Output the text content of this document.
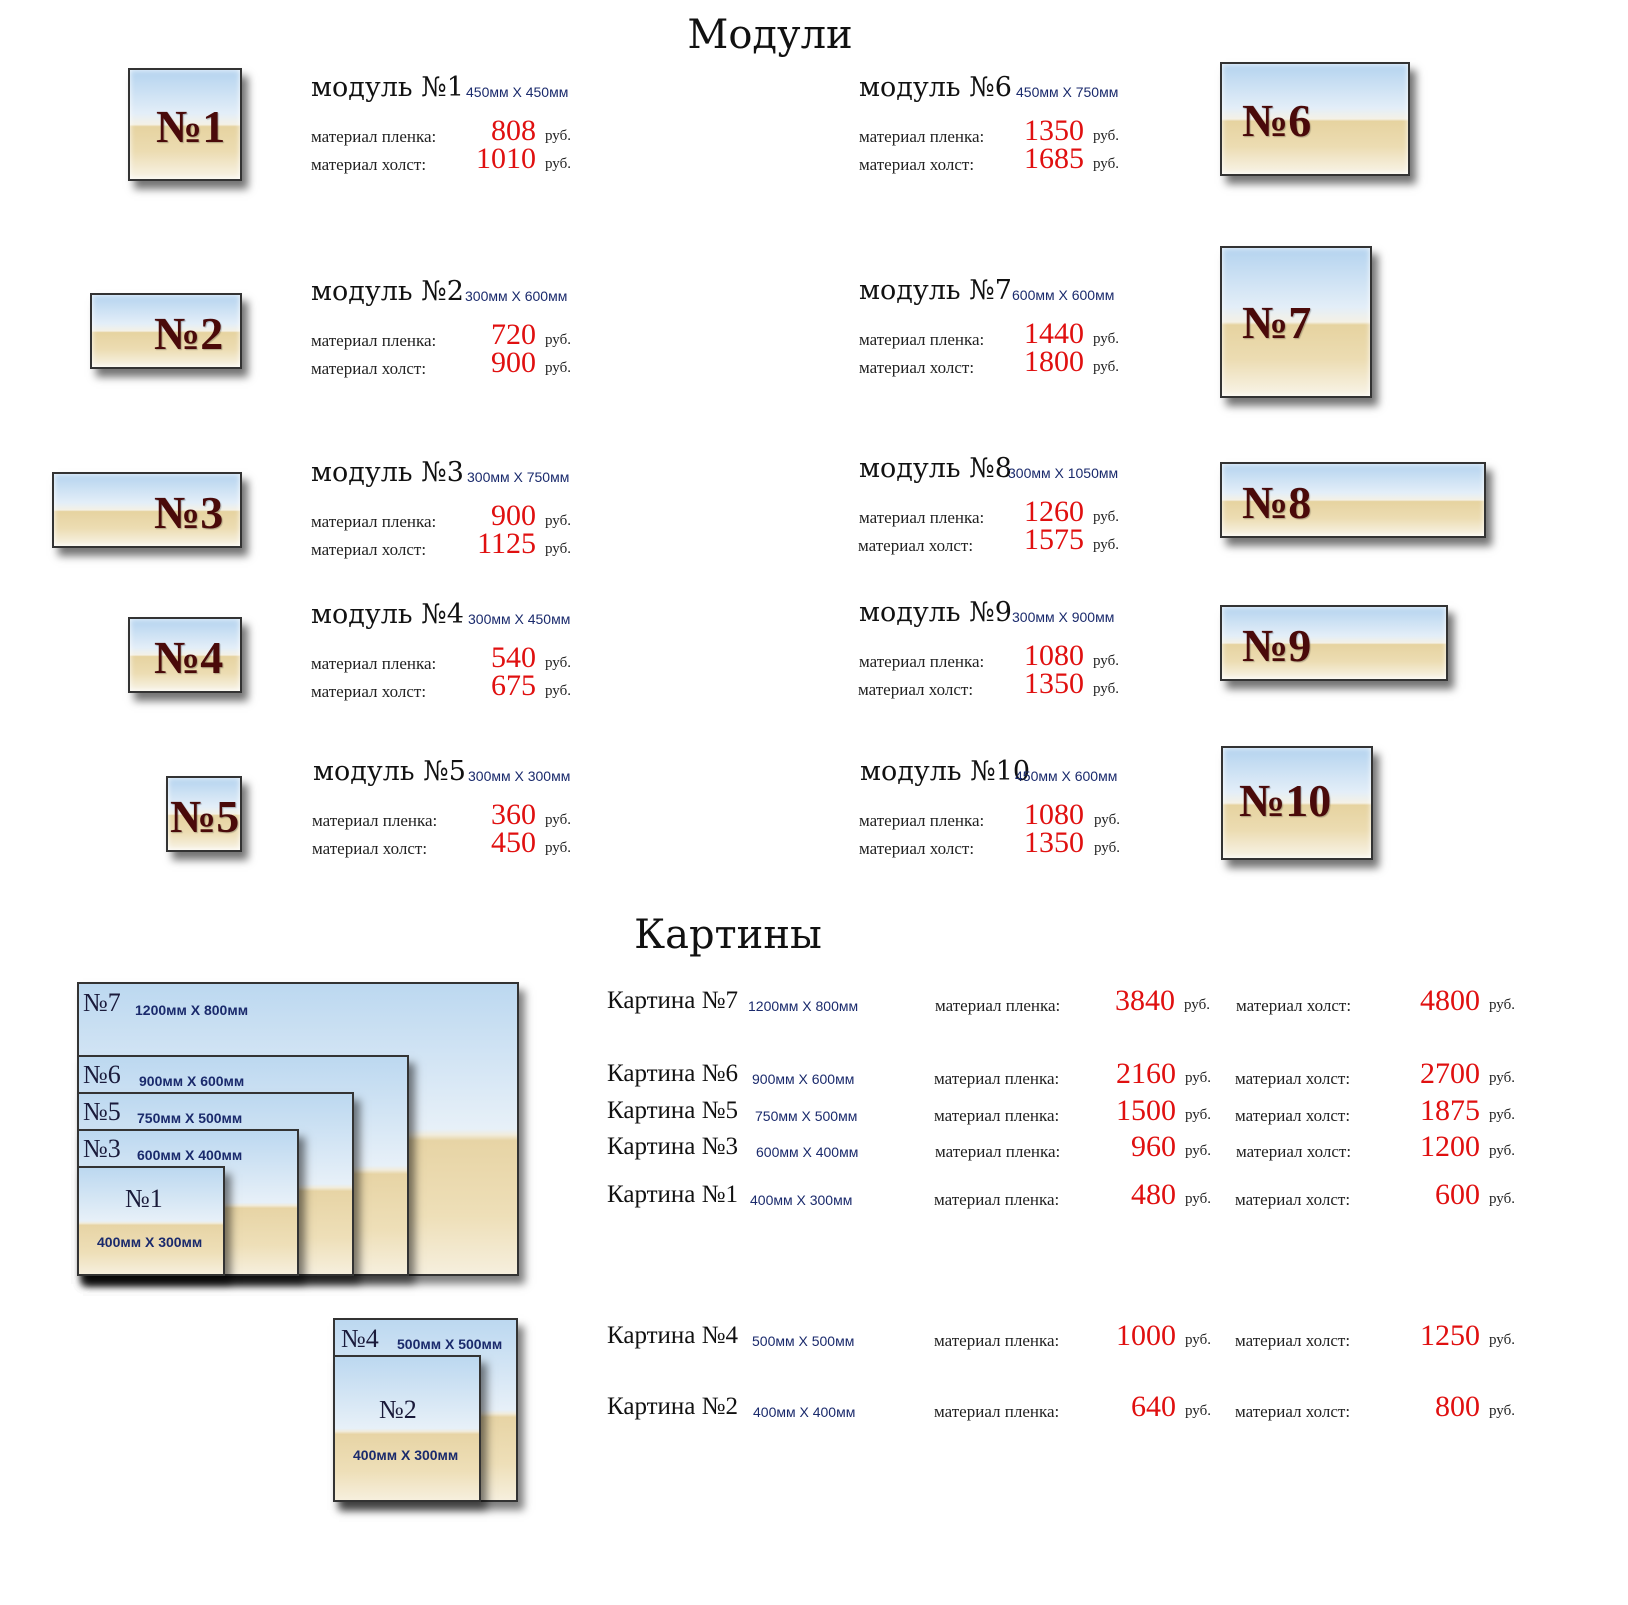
Модули
Картины
№1
№2
№3
№4
№5
№6
№7
№8
№9
№10
модуль №1 450мм X 450мм
материал пленка:	808 руб.
материал холст:	1010 руб.
модуль №2 300мм X 600мм
материал пленка:	720 руб.
материал холст:	900 руб.
модуль №3 300мм X 750мм
материал пленка:	900 руб.
материал холст:	1125 руб.
модуль №4 300мм X 450мм
материал пленка:	540 руб.
материал холст:	675 руб.
модуль №5 300мм X 300мм
материал пленка:	360 руб.
материал холст:	450 руб.
модуль №6 450мм X 750мм
материал пленка:	1350 руб.
материал холст:	1685 руб.
модуль №7 600мм X 600мм
материал пленка:	1440 руб.
материал холст:	1800 руб.
модуль №8
300мм X 1050мм
материал пленка:	1260 руб.
материал холст:	1575 руб.
модуль №9 300мм X 900мм
материал пленка:	1080 руб.
материал холст:	1350 руб.
модуль №10
450мм X 600мм
материал пленка:	1080 руб.
материал холст:	1350 руб.
№7 1200мм X 800мм
№6 900мм X 600мм
№5 750мм X 500мм
№3 600мм X 400мм
№1
400мм X 300мм
№4 500мм X 500мм
№2
400мм X 300мм
Картина №7 1200мм X 800мм	материал пленка:	3840 руб. материал холст:	4800 руб.
Картина №6 900мм X 600мм	материал пленка:	2160 руб. материал холст:	2700 руб.
Картина №5 750мм X 500мм	материал пленка:	1500 руб. материал холст:	1875 руб.
Картина №3 600мм X 400мм	материал пленка:	960 руб. материал холст:	1200 руб.
Картина №1 400мм X 300мм	материал пленка:	480 руб. материал холст:	600 руб.
Картина №4 500мм X 500мм	материал пленка:	1000 руб. материал холст:	1250 руб.
Картина №2 400мм X 400мм	материал пленка:	640 руб. материал холст:	800 руб.
